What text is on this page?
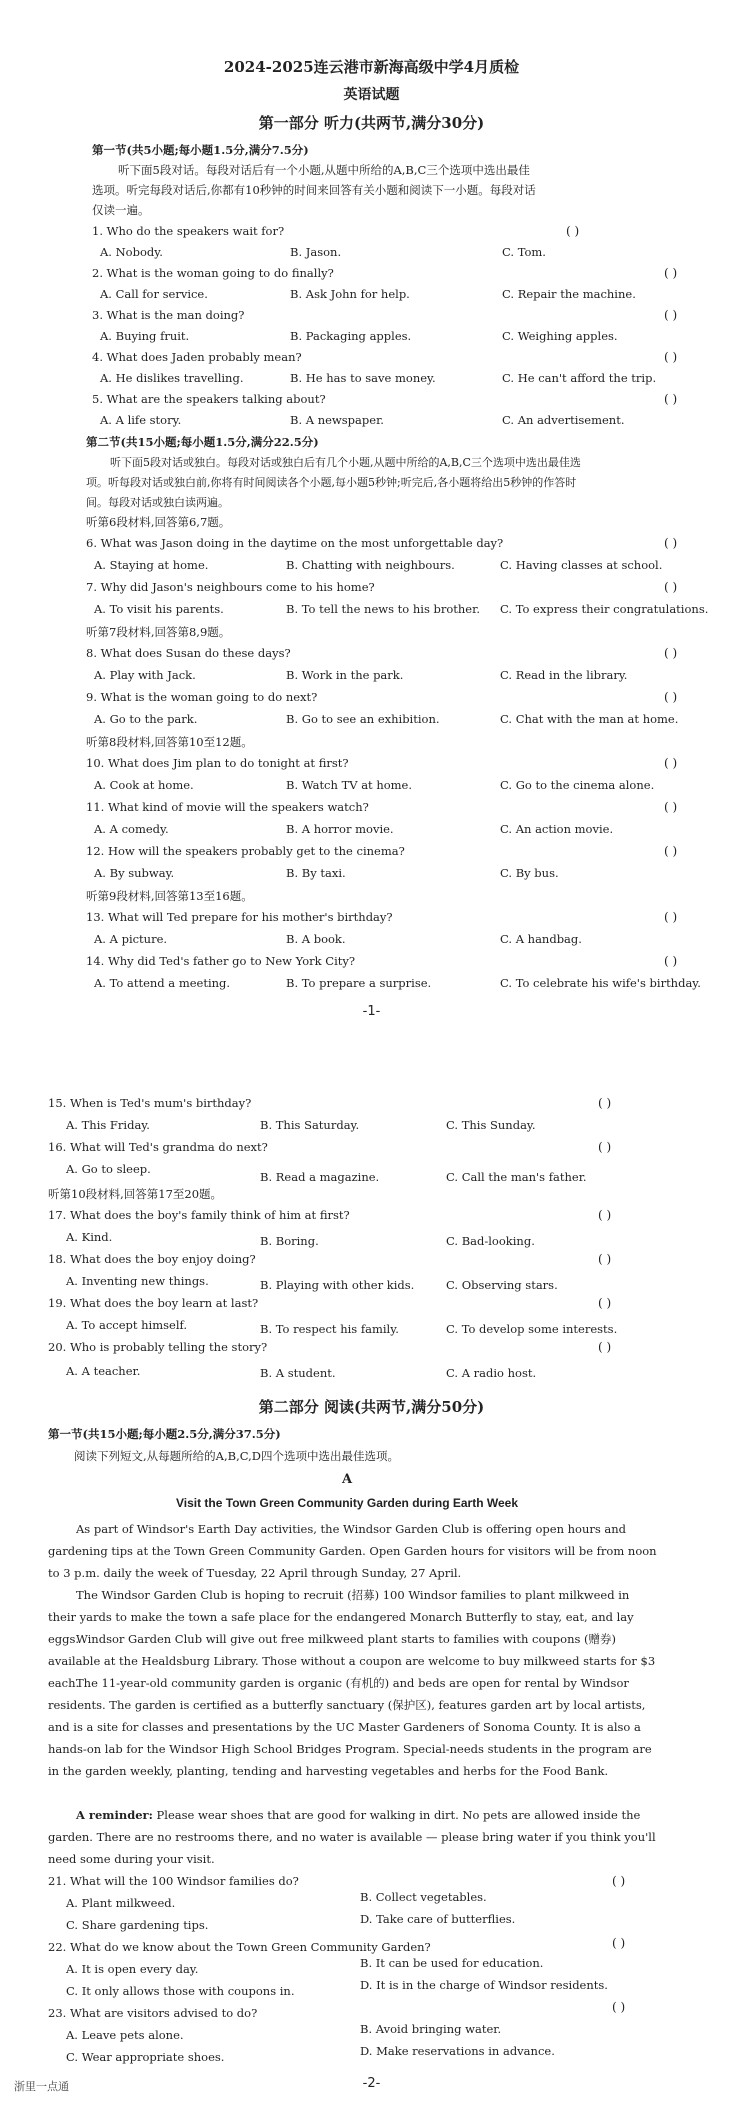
2024-2025连云港市新海高级中学4月质检
英语试题
第一部分 听力(共两节,满分30分)
第一节(共5小题;每小题1.5分,满分7.5分)
听下面5段对话。每段对话后有一个小题,从题中所给的A,B,C三个选项中选出最佳
选项。听完每段对话后,你都有10秒钟的时间来回答有关小题和阅读下一小题。每段对话
仅读一遍。
1. Who do the speakers wait for?	( )
A. Nobody.	B. Jason.	C. Tom.
2. What is the woman going to do finally?	( )
A. Call for service.	B. Ask John for help.	C. Repair the machine.
3. What is the man doing?	( )
A. Buying fruit.	B. Packaging apples.	C. Weighing apples.
4. What does Jaden probably mean?	( )
A. He dislikes travelling.	B. He has to save money.	C. He can't afford the trip.
5. What are the speakers talking about?	( )
A. A life story.	B. A newspaper.	C. An advertisement.
第二节(共15小题;每小题1.5分,满分22.5分)
听下面5段对话或独白。每段对话或独白后有几个小题,从题中所给的A,B,C三个选项中选出最佳选
项。听每段对话或独白前,你将有时间阅读各个小题,每小题5秒钟;听完后,各小题将给出5秒钟的作答时
间。每段对话或独白读两遍。
听第6段材料,回答第6,7题。
6. What was Jason doing in the daytime on the most unforgettable day?	( )
A. Staying at home.	B. Chatting with neighbours.	C. Having classes at school.
7. Why did Jason's neighbours come to his home?	( )
A. To visit his parents.	B. To tell the news to his brother. C. To express their congratulations.
听第7段材料,回答第8,9题。
8. What does Susan do these days?	( )
A. Play with Jack.	B. Work in the park.	C. Read in the library.
9. What is the woman going to do next?	( )
A. Go to the park.	B. Go to see an exhibition.	C. Chat with the man at home.
听第8段材料,回答第10至12题。
10. What does Jim plan to do tonight at first?	( )
A. Cook at home.	B. Watch TV at home.	C. Go to the cinema alone.
11. What kind of movie will the speakers watch?	( )
A. A comedy.	B. A horror movie.	C. An action movie.
12. How will the speakers probably get to the cinema?	( )
A. By subway.	B. By taxi.	C. By bus.
听第9段材料,回答第13至16题。
13. What will Ted prepare for his mother's birthday?	( )
A. A picture.	B. A book.	C. A handbag.
14. Why did Ted's father go to New York City?	( )
A. To attend a meeting.	B. To prepare a surprise.	C. To celebrate his wife's birthday.
-1-
15. When is Ted's mum's birthday?	( )
A. This Friday.	B. This Saturday.	C. This Sunday.
16. What will Ted's grandma do next?	( )
A. Go to sleep.
B. Read a magazine.	C. Call the man's father.
听第10段材料,回答第17至20题。
17. What does the boy's family think of him at first?	( )
A. Kind.	B. Boring.	C. Bad-looking.
18. What does the boy enjoy doing?	( )
A. Inventing new things.	B. Playing with other kids.	C. Observing stars.
19. What does the boy learn at last?	( )
A. To accept himself.	B. To respect his family.	C. To develop some interests.
20. Who is probably telling the story?	( )
A. A teacher.	B. A student.	C. A radio host.
第二部分 阅读(共两节,满分50分)
第一节(共15小题;每小题2.5分,满分37.5分)
阅读下列短文,从每题所给的A,B,C,D四个选项中选出最佳选项。
A
Visit the Town Green Community Garden during Earth Week
As part of Windsor's Earth Day activities, the Windsor Garden Club is offering open hours and gardening tips at the Town Green Community Garden. Open Garden hours for visitors will be from noon to 3 p.m. daily the week of Tuesday, 22 April through Sunday, 27 April.
The Windsor Garden Club is hoping to recruit (招募) 100 Windsor families to plant milkweed in their yards to make the town a safe place for the endangered Monarch Butterfly to stay, eat, and lay eggs.
Windsor Garden Club will give out free milkweed plant starts to families with coupons (赠券) available at the Healdsburg Library. Those without a coupon are welcome to buy milkweed starts for $3 each.
The 11-year-old community garden is organic (有机的) and beds are open for rental by Windsor residents. The garden is certified as a butterfly sanctuary (保护区), features garden art by local artists, and is a site for classes and presentations by the UC Master Gardeners of Sonoma County. It is also a hands-on lab for the Windsor High School Bridges Program. Special-needs students in the program are in the garden weekly, planting, tending and harvesting vegetables and herbs for the Food Bank.
A reminder: Please wear shoes that are good for walking in dirt. No pets are allowed inside the garden. There are no restrooms there, and no water is available — please bring water if you think you'll need some during your visit.
21. What will the 100 Windsor families do?	( )
A. Plant milkweed.	B. Collect vegetables.
C. Share gardening tips.	D. Take care of butterflies.
22. What do we know about the Town Green Community Garden?	( )
A. It is open every day.	B. It can be used for education.
C. It only allows those with coupons in.	D. It is in the charge of Windsor residents.
23. What are visitors advised to do?	( )
A. Leave pets alone.	B. Avoid bringing water.
C. Wear appropriate shoes.	D. Make reservations in advance.
浙里一点通	-2-
